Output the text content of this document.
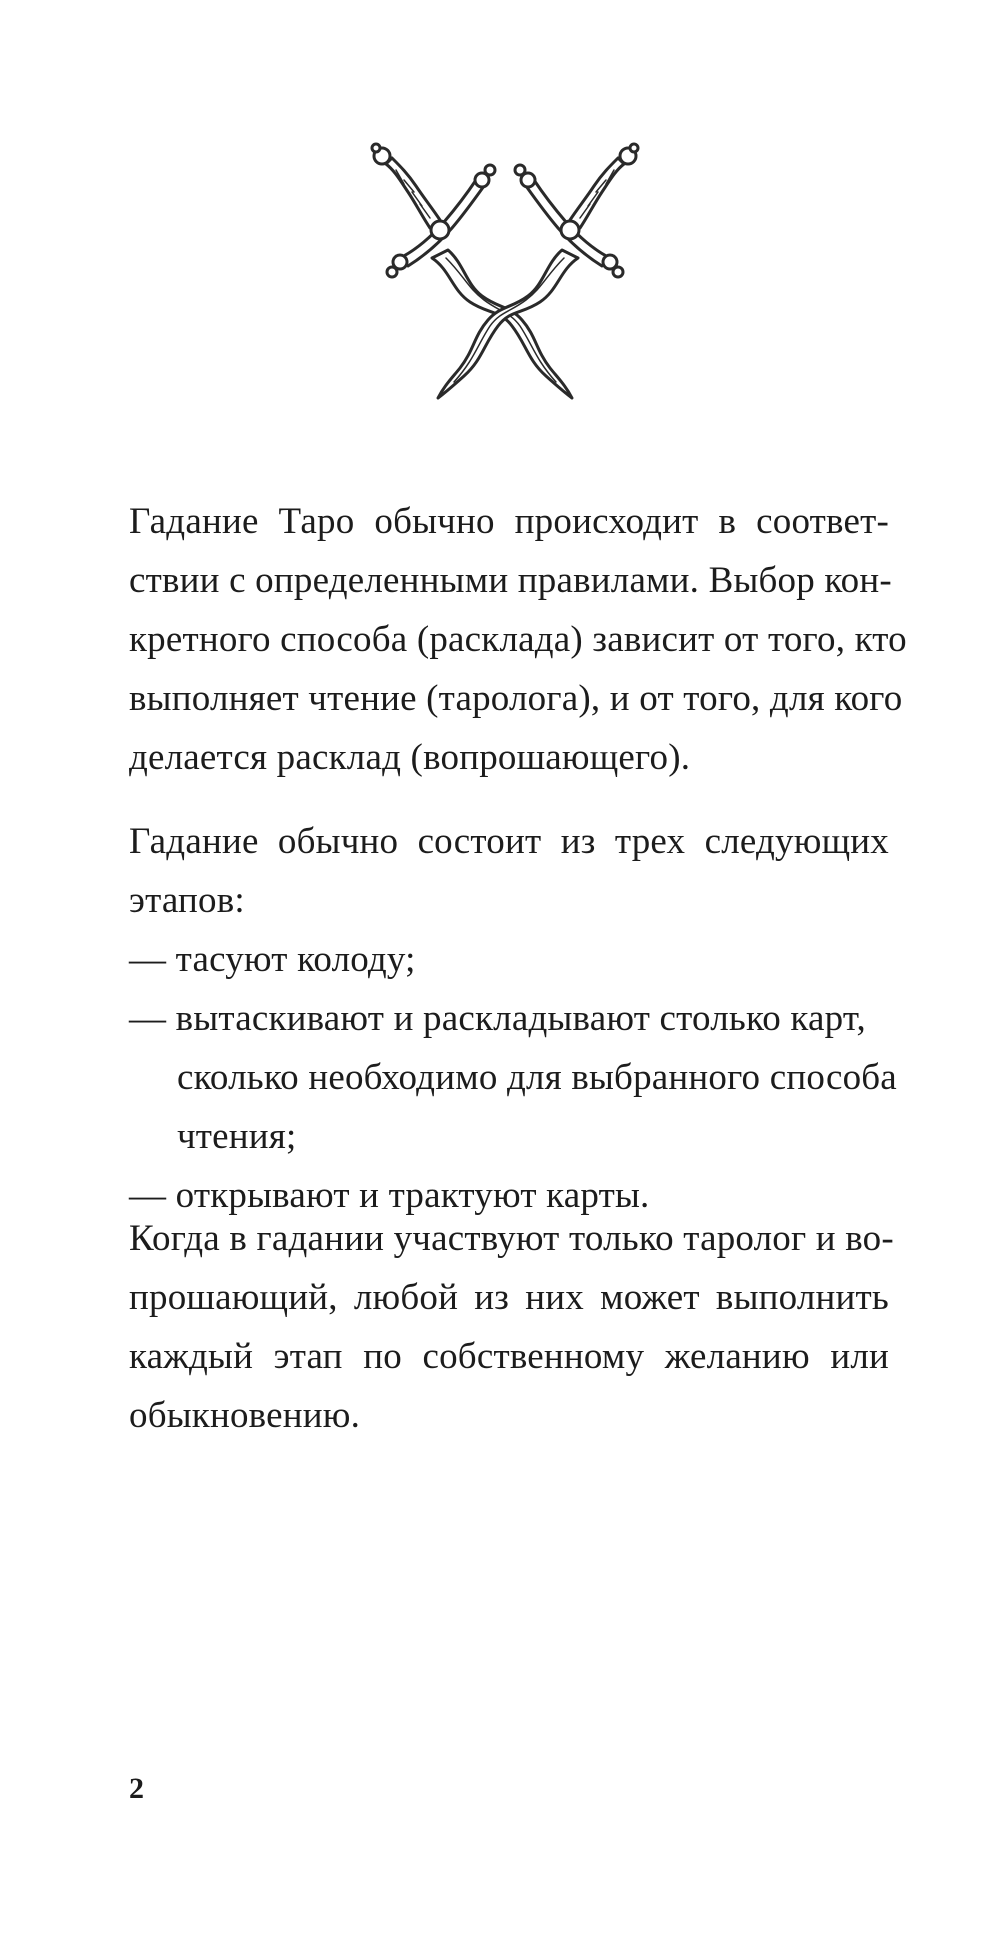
Гадание Таро обычно происходит в соответ-
ствии с определенными правилами. Выбор кон-
кретного способа (расклада) зависит от того, кто
выполняет чтение (таролога), и от того, для кого
делается расклад (вопрошающего).
Гадание обычно состоит из трех следующих
этапов:
— тасуют колоду;
— вытаскивают и раскладывают столько карт,
сколько необходимо для выбранного способа
чтения;
— открывают и трактуют карты.
Когда в гадании участвуют только таролог и во-
прошающий, любой из них может выполнить
каждый этап по собственному желанию или
обыкновению.
2
